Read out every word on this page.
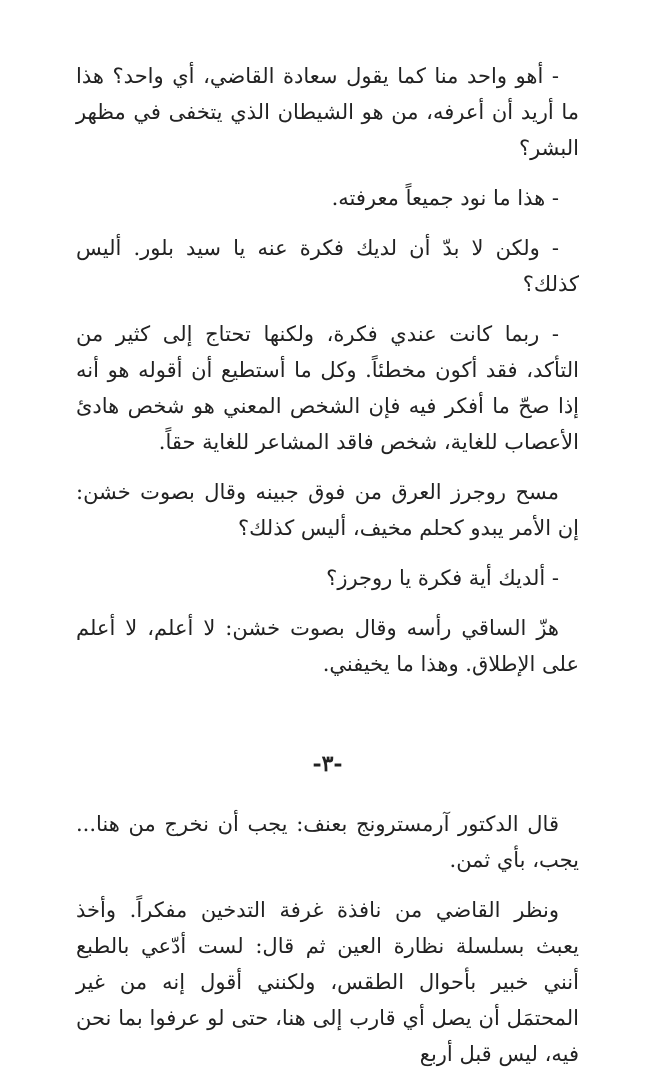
- أهو واحد منا كما يقول سعادة القاضي، أي واحد؟ هذا ما أريد أن أعرفه، من هو الشيطان الذي يتخفى في مظهر البشر؟

- هذا ما نود جميعاً معرفته.

- ولكن لا بدّ أن لديك فكرة عنه يا سيد بلور. أليس كذلك؟

- ربما كانت عندي فكرة، ولكنها تحتاج إلى كثير من التأكد، فقد أكون مخطئاً. وكل ما أستطيع أن أقوله هو أنه إذا صحّ ما أفكر فيه فإن الشخص المعني هو شخص هادئ الأعصاب للغاية، شخص فاقد المشاعر للغاية حقاً.

مسح روجرز العرق من فوق جبينه وقال بصوت خشن: إن الأمر يبدو كحلم مخيف، أليس كذلك؟

- ألديك أية فكرة يا روجرز؟

هزّ الساقي رأسه وقال بصوت خشن: لا أعلم، لا أعلم على الإطلاق. وهذا ما يخيفني.

-٣-

قال الدكتور آرمسترونج بعنف: يجب أن نخرج من هنا... يجب، بأي ثمن.

ونظر القاضي من نافذة غرفة التدخين مفكراً. وأخذ يعبث بسلسلة نظارة العين ثم قال: لست أدّعي بالطبع أنني خبير بأحوال الطقس، ولكنني أقول إنه من غير المحتمَل أن يصل أي قارب إلى هنا، حتى لو عرفوا بما نحن فيه، ليس قبل أربع
